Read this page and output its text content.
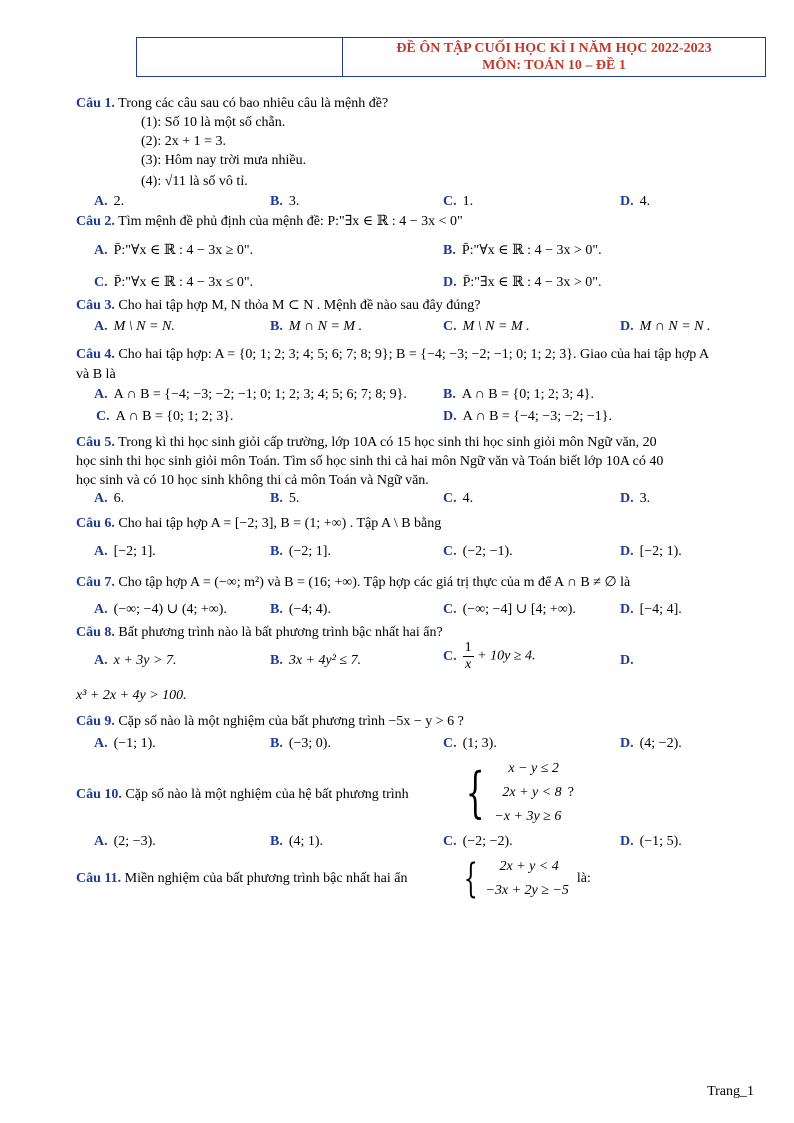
ĐỀ ÔN TẬP CUỐI HỌC KÌ I NĂM HỌC 2022-2023
MÔN: TOÁN 10 – ĐỀ 1
Câu 1. Trong các câu sau có bao nhiêu câu là mệnh đề?
(1): Số 10 là một số chẵn.
(2): 2x + 1 = 3.
(3): Hôm nay trời mưa nhiều.
(4): √11 là số vô tỉ.
A. 2.	B. 3.	C. 1.	D. 4.
Câu 2. Tìm mệnh đề phủ định của mệnh đề: P:"∃x ∈ ℝ : 4 − 3x < 0"
A. P̄:"∀x ∈ ℝ : 4 − 3x ≥ 0".	B. P̄:"∀x ∈ ℝ : 4 − 3x > 0".
C. P̄:"∀x ∈ ℝ : 4 − 3x ≤ 0".	D. P̄:"∃x ∈ ℝ : 4 − 3x > 0".
Câu 3. Cho hai tập hợp M, N thỏa M ⊂ N . Mệnh đề nào sau đây đúng?
A. M \ N = N.	B. M ∩ N = M .	C. M \ N = M .	D. M ∩ N = N .
Câu 4. Cho hai tập hợp: A = {0; 1; 2; 3; 4; 5; 6; 7; 8; 9}; B = {−4; −3; −2; −1; 0; 1; 2; 3}. Giao của hai tập hợp A
và B là
A. A ∩ B = {−4; −3; −2; −1; 0; 1; 2; 3; 4; 5; 6; 7; 8; 9}.	B. A ∩ B = {0; 1; 2; 3; 4}.
C. A ∩ B = {0; 1; 2; 3}.	D. A ∩ B = {−4; −3; −2; −1}.
Câu 5. Trong kì thi học sinh giỏi cấp trường, lớp 10A có 15 học sinh thi học sinh giỏi môn Ngữ văn, 20
học sinh thi học sinh giỏi môn Toán. Tìm số học sinh thi cả hai môn Ngữ văn và Toán biết lớp 10A có 40
học sinh và có 10 học sinh không thi cả môn Toán và Ngữ văn.
A. 6.	B. 5.	C. 4.	D. 3.
Câu 6. Cho hai tập hợp A = [−2; 3], B = (1; +∞) . Tập A \ B bằng
A. [−2; 1].	B. (−2; 1].	C. (−2; −1).	D. [−2; 1).
Câu 7. Cho tập hợp A = (−∞; m²) và B = (16; +∞). Tập hợp các giá trị thực của m để A ∩ B ≠ ∅ là
A. (−∞; −4) ∪ (4; +∞).	B. (−4; 4).	C. (−∞; −4] ∪ [4; +∞).	D. [−4; 4].
Câu 8. Bất phương trình nào là bất phương trình bậc nhất hai ẩn?
A. x + 3y > 7.	B. 3x + 4y² ≤ 7.	C. $\frac{1}{x} + 10y \ge 4$.	D.
x³ + 2x + 4y > 100.
Câu 9. Cặp số nào là một nghiệm của bất phương trình −5x − y > 6 ?
A. (−1; 1).	B. (−3; 0).	C. (1; 3).	D. (4; −2).
Câu 10. Cặp số nào là một nghiệm của hệ bất phương trình {	x − y ≤ 2
2x + y < 8
−x + 3y ≥ 6
?
A. (2; −3).	B. (4; 1).	C. (−2; −2).	D. (−1; 5).
Câu 11. Miền nghiệm của bất phương trình bậc nhất hai ẩn {	2x + y < 4
−3x + 2y ≥ −5
là:
Trang_1
